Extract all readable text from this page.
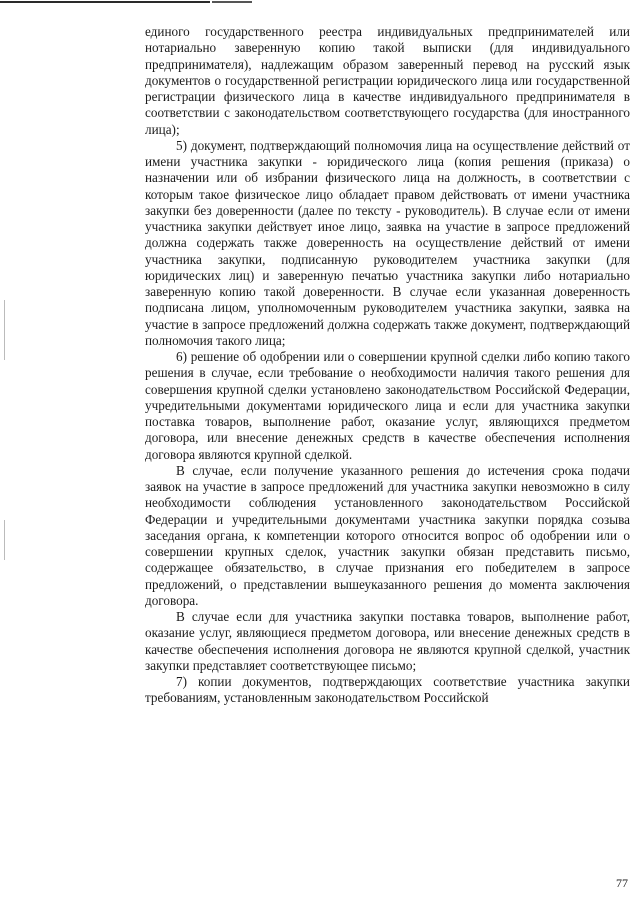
единого государственного реестра индивидуальных предпринимателей или нотариально заверенную копию такой выписки (для индивидуального предпринимателя), надлежащим образом заверенный перевод на русский язык документов о государственной регистрации юридического лица или государственной регистрации физического лица в качестве индивидуального предпринимателя в соответствии с законодательством соответствующего государства (для иностранного лица);

5) документ, подтверждающий полномочия лица на осуществление действий от имени участника закупки - юридического лица (копия решения (приказа) о назначении или об избрании физического лица на должность, в соответствии с которым такое физическое лицо обладает правом действовать от имени участника закупки без доверенности (далее по тексту - руководитель). В случае если от имени участника закупки действует иное лицо, заявка на участие в запросе предложений должна содержать также доверенность на осуществление действий от имени участника закупки, подписанную руководителем участника закупки (для юридических лиц) и заверенную печатью участника закупки либо нотариально заверенную копию такой доверенности. В случае если указанная доверенность подписана лицом, уполномоченным руководителем участника закупки, заявка на участие в запросе предложений должна содержать также документ, подтверждающий полномочия такого лица;

6) решение об одобрении или о совершении крупной сделки либо копию такого решения в случае, если требование о необходимости наличия такого решения для совершения крупной сделки установлено законодательством Российской Федерации, учредительными документами юридического лица и если для участника закупки поставка товаров, выполнение работ, оказание услуг, являющихся предметом договора, или внесение денежных средств в качестве обеспечения исполнения договора являются крупной сделкой.

В случае, если получение указанного решения до истечения срока подачи заявок на участие в запросе предложений для участника закупки невозможно в силу необходимости соблюдения установленного законодательством Российской Федерации и учредительными документами участника закупки порядка созыва заседания органа, к компетенции которого относится вопрос об одобрении или о совершении крупных сделок, участник закупки обязан представить письмо, содержащее обязательство, в случае признания его победителем в запросе предложений, о представлении вышеуказанного решения до момента заключения договора.

В случае если для участника закупки поставка товаров, выполнение работ, оказание услуг, являющиеся предметом договора, или внесение денежных средств в качестве обеспечения исполнения договора не являются крупной сделкой, участник закупки представляет соответствующее письмо;

7) копии документов, подтверждающих соответствие участника закупки требованиям, установленным законодательством Российской

77
